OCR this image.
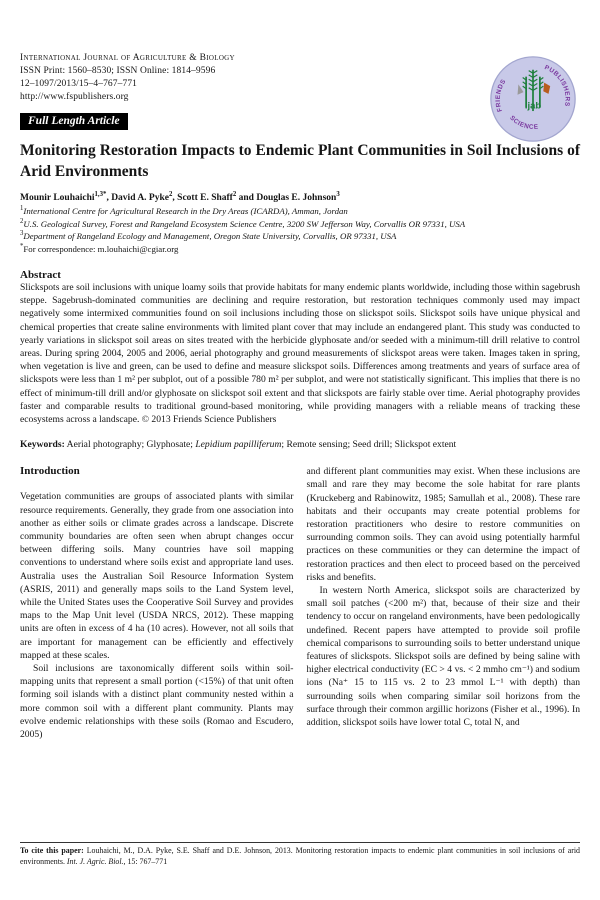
International Journal of Agriculture & Biology
ISSN Print: 1560–8530; ISSN Online: 1814–9596
12–1097/2013/15–4–767–771
http://www.fspublishers.org
Full Length Article
Monitoring Restoration Impacts to Endemic Plant Communities in Soil Inclusions of Arid Environments
Mounir Louhaichi$^{1,3*}$, David A. Pyke$^2$, Scott E. Shaff$^2$ and Douglas E. Johnson$^3$
$^1$International Centre for Agricultural Research in the Dry Areas (ICARDA), Amman, Jordan
$^2$U.S. Geological Survey, Forest and Rangeland Ecosystem Science Centre, 3200 SW Jefferson Way, Corvallis OR 97331, USA
$^3$Department of Rangeland Ecology and Management, Oregon State University, Corvallis, OR 97331, USA
*For correspondence: m.louhaichi@cgiar.org
Abstract

Slickspots are soil inclusions with unique loamy soils that provide habitats for many endemic plants worldwide, including those within sagebrush steppe. Sagebrush-dominated communities are declining and require restoration, but restoration techniques commonly used may impact negatively some intermixed communities found on soil inclusions including those on slickspot soils. Slickspot soils have unique physical and chemical properties that create saline environments with limited plant cover that may include an endangered plant. This study was conducted to yearly variations in slickspot soil areas on sites treated with the herbicide glyphosate and/or seeded with a minimum-till drill relative to control areas. During spring 2004, 2005 and 2006, aerial photography and ground measurements of slickspot areas were taken. Images taken in spring, when vegetation is live and green, can be used to define and measure slickspot soils. Differences among treatments and years of surface area of slickspots were less than 1 m² per subplot, out of a possible 780 m² per subplot, and were not statistically significant. This implies that there is no effect of minimum-till drill and/or glyphosate on slickspot soil extent and that slickspots are fairly stable over time. Aerial photography provides faster and comparable results to traditional ground-based monitoring, while providing managers with a reliable means of tracking these ecosystems across a landscape. © 2013 Friends Science Publishers

Keywords: Aerial photography; Glyphosate; Lepidium papilliferum; Remote sensing; Seed drill; Slickspot extent
Introduction

Vegetation communities are groups of associated plants with similar resource requirements. Generally, they grade from one association into another as either soils or climate grades across a landscape. Discrete community boundaries are often seen when abrupt changes occur between differing soils. Many countries have soil mapping conventions to understand where soils exist and appropriate land uses. Australia uses the Australian Soil Resource Information System (ASRIS, 2011) and generally maps soils to the Land System level, while the United States uses the Cooperative Soil Survey and provides maps to the Map Unit level (USDA NRCS, 2012). These mapping units are often in excess of 4 ha (10 acres). However, not all soils that are important for management can be efficiently and effectively mapped at these scales.

Soil inclusions are taxonomically different soils within soil-mapping units that represent a small portion (<15%) of that unit often forming soil islands with a distinct plant community nested within a more common soil with a different plant community. Plants may evolve endemic relationships with these soils (Romao and Escudero, 2005)

and different plant communities may exist. When these inclusions are small and rare they may become the sole habitat for rare plants (Kruckeberg and Rabinowitz, 1985; Samullah et al., 2008). These rare habitats and their occupants may create potential problems for restoration practitioners who desire to restore communities on surrounding common soils. They can avoid using potentially harmful practices on these communities or they can determine the impact of restoration practices and then elect to proceed based on the perceived risks and benefits.

In western North America, slickspot soils are characterized by small soil patches (<200 m²) that, because of their size and their tendency to occur on rangeland environments, have been pedologically undefined. Recent papers have attempted to provide soil profile chemical comparisons to surrounding soils to better understand unique features of slickspots. Slickspot soils are defined by being saline with higher electrical conductivity (EC > 4 vs. < 2 mmho cm⁻¹) and sodium ions (Na⁺ 15 to 115 vs. 2 to 23 mmol L⁻¹ with depth) than surrounding soils when comparing similar soil horizons from the surface through their common argillic horizons (Fisher et al., 1996). In addition, slickspot soils have lower total C, total N, and

FRIENDS
SCIENCE
PUBLISHERS
ijab
To cite this paper: Louhaichi, M., D.A. Pyke, S.E. Shaff and D.E. Johnson, 2013. Monitoring restoration impacts to endemic plant communities in soil inclusions of arid environments. Int. J. Agric. Biol., 15: 767–771
